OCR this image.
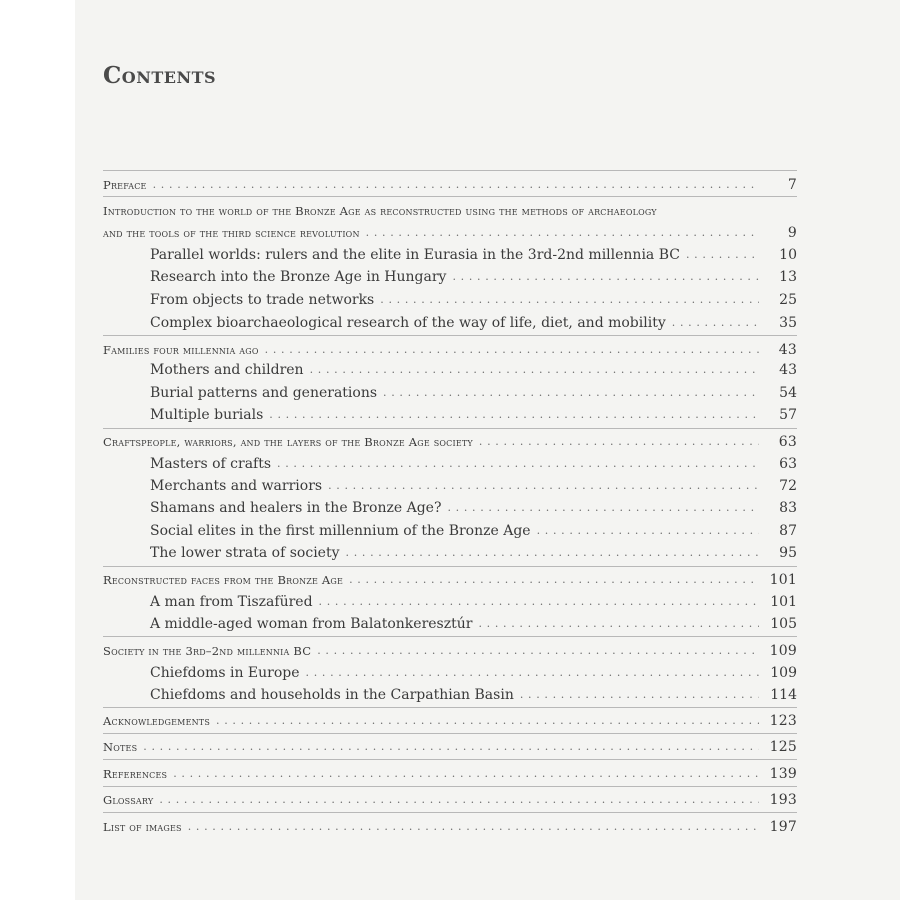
Contents
Preface . . .	7
Introduction to the world of the Bronze Age as reconstructed using the methods of archaeology
and the tools of the third science revolution . . .	9
Parallel worlds: rulers and the elite in Eurasia in the 3rd-2nd millennia BC . . .	10
Research into the Bronze Age in Hungary . . .	13
From objects to trade networks . . .	25
Complex bioarchaeological research of the way of life, diet, and mobility . . .	35
Families four millennia ago . . .	43
Mothers and children . . .	43
Burial patterns and generations . . .	54
Multiple burials . . .	57
Craftspeople, warriors, and the layers of the Bronze Age society . . .	63
Masters of crafts . . .	63
Merchants and warriors . . .	72
Shamans and healers in the Bronze Age? . . .	83
Social elites in the first millennium of the Bronze Age . . .	87
The lower strata of society . . .	95
Reconstructed faces from the Bronze Age . . .	101
A man from Tiszafüred . . .	101
A middle-aged woman from Balatonkeresztúr . . .	105
Society in the 3rd–2nd millennia BC . . .	109
Chiefdoms in Europe . . .	109
Chiefdoms and households in the Carpathian Basin . . .	114
Acknowledgements . . .	123
Notes . . .	125
References . . .	139
Glossary . . .	193
List of images . . .	197
